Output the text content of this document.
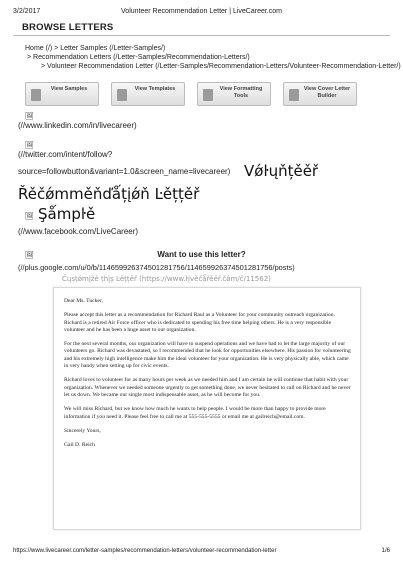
3/2/2017	Volunteer Recommendation Letter | LiveCareer.com
BROWSE LETTERS
Home (/) > Letter Samples (/Letter-Samples/)
> Recommendation Letters (/Letter-Samples/Recommendation-Letters/)
> Volunteer Recommendation Letter (/Letter-Samples/Recommendation-Letters/Volunteer-Recommendation-Letter/)
View Samples	View Templates	View Formatting Tools
View Cover Letter Builder
🖼
(//www.linkedin.com/in/livecareer)
🖼
(//twitter.com/intent/follow?
source=followbutton&variant=1.0&screen_name=livecareer) Vǿŀųňțěěř
Řěčǿmměňďǻțįǿň Ŀěțțěř
🖼 Şǻmpŀě
(//www.facebook.com/LiveCareer)
🖼	Want to use this letter?
(//plus.google.com/u/0/b/114659926374501281756/114659926374501281756/posts)
Čųșțǿmįžě țhįș Ŀěțțěř (https://www.ŀįvěčǻřěěř.čǿm/č/11562)

Dear Ms. Tucker,

Please accept this letter as a recommendation for Richard Raul as a Volunteer for your community outreach organization. Richard is a retired Air Force officer who is dedicated to spending his free time helping others. He is a very responsible volunteer and he has been a huge asset to our organization.

For the next several months, our organization will have to suspend operations and we have had to let the large majority of our volunteers go. Richard was devastated, so I recommended that he look for opportunities elsewhere. His passion for volunteering and his extremely high intelligence make him the ideal volunteer for your organization. He is very physically able, which came in very handy when setting up for civic events.

Richard loves to volunteer for as many hours per week as we needed him and I am certain he will continue that habit with your organization. Whenever we needed someone urgently to get something done, we never hesitated to call on Richard and he never let us down. We became our single most indispensable asset, as he will become for you.

We will miss Richard, but we know how much he wants to help people. I would be more than happy to provide more information if you need it. Please feel free to call me at 555-555-5555 or email me at gailreich@email.com.

Sincerely Yours,

Gail D. Reich

https://www.livecareer.com/letter-samples/recommendation-letters/volunteer-recommendation-letter	1/6
